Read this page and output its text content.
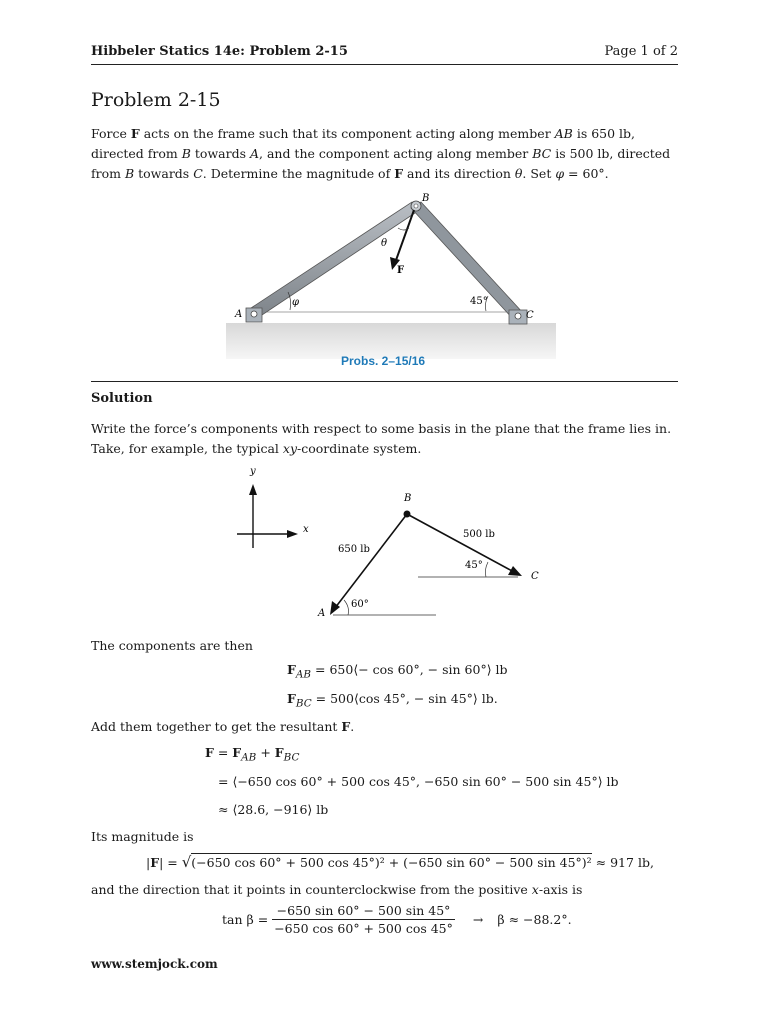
Hibbeler Statics 14e: Problem 2-15	Page 1 of 2
Problem 2-15
Force F acts on the frame such that its component acting along member AB is 650 lb, directed from B towards A, and the component acting along member BC is 500 lb, directed from B towards C. Determine the magnitude of F and its direction θ. Set φ = 60°.
B
A	C
θ
φ
F
45°
Probs. 2–15/16
Solution
Write the force’s components with respect to some basis in the plane that the frame lies in. Take, for example, the typical xy-coordinate system.
y
x
B
A
C
650 lb
500 lb
45°
60°
The components are then
$F_{AB}$ = 650⟨− cos 60°, − sin 60°⟩ lb
$F_{BC}$ = 500⟨cos 45°, − sin 45°⟩ lb.
Add them together to get the resultant F.
$F = F_{AB} + F_{BC}$
= ⟨−650 cos 60° + 500 cos 45°, −650 sin 60° − 500 sin 45°⟩ lb
≈ ⟨28.6, −916⟩ lb
Its magnitude is
|F| = √(−650 cos 60° + 500 cos 45°)² + (−650 sin 60° − 500 sin 45°)² ≈ 917 lb,
and the direction that it points in counterclockwise from the positive x-axis is
$\tan \beta = \frac{-650 \sin 60^\circ - 500 \sin 45^\circ}{-650 \cos 60^\circ + 500 \cos 45^\circ} \to \beta \approx -88.2^\circ$.
www.stemjock.com
